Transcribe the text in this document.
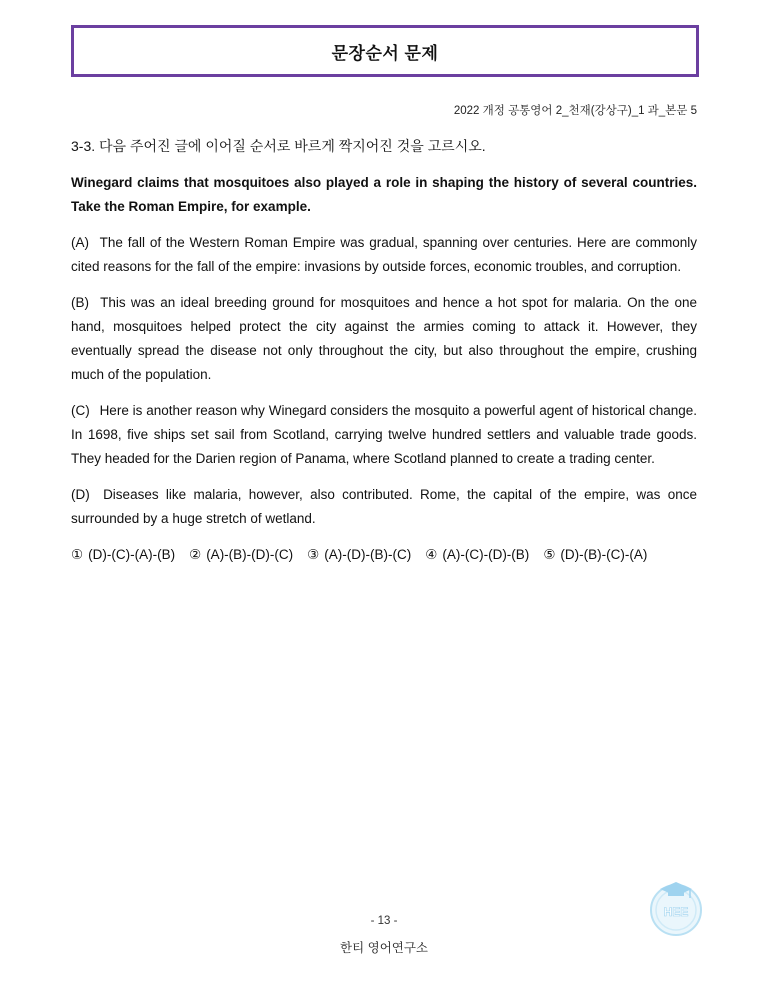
문장순서 문제
2022 개정 공통영어 2_천재(강상구)_1 과_본문 5
3-3. 다음 주어진 글에 이어질 순서로 바르게 짝지어진 것을 고르시오.

Winegard claims that mosquitoes also played a role in shaping the history of several countries. Take the Roman Empire, for example.

(A) The fall of the Western Roman Empire was gradual, spanning over centuries. Here are commonly cited reasons for the fall of the empire: invasions by outside forces, economic troubles, and corruption.

(B) This was an ideal breeding ground for mosquitoes and hence a hot spot for malaria. On the one hand, mosquitoes helped protect the city against the armies coming to attack it. However, they eventually spread the disease not only throughout the city, but also throughout the empire, crushing much of the population.

(C) Here is another reason why Winegard considers the mosquito a powerful agent of historical change. In 1698, five ships set sail from Scotland, carrying twelve hundred settlers and valuable trade goods. They headed for the Darien region of Panama, where Scotland planned to create a trading center.

(D) Diseases like malaria, however, also contributed. Rome, the capital of the empire, was once surrounded by a huge stretch of wetland.

① (D)-(C)-(A)-(B) ② (A)-(B)-(D)-(C) ③ (A)-(D)-(B)-(C) ④ (A)-(C)-(D)-(B) ⑤ (D)-(B)-(C)-(A)
- 13 -
한티 영어연구소
HEE
